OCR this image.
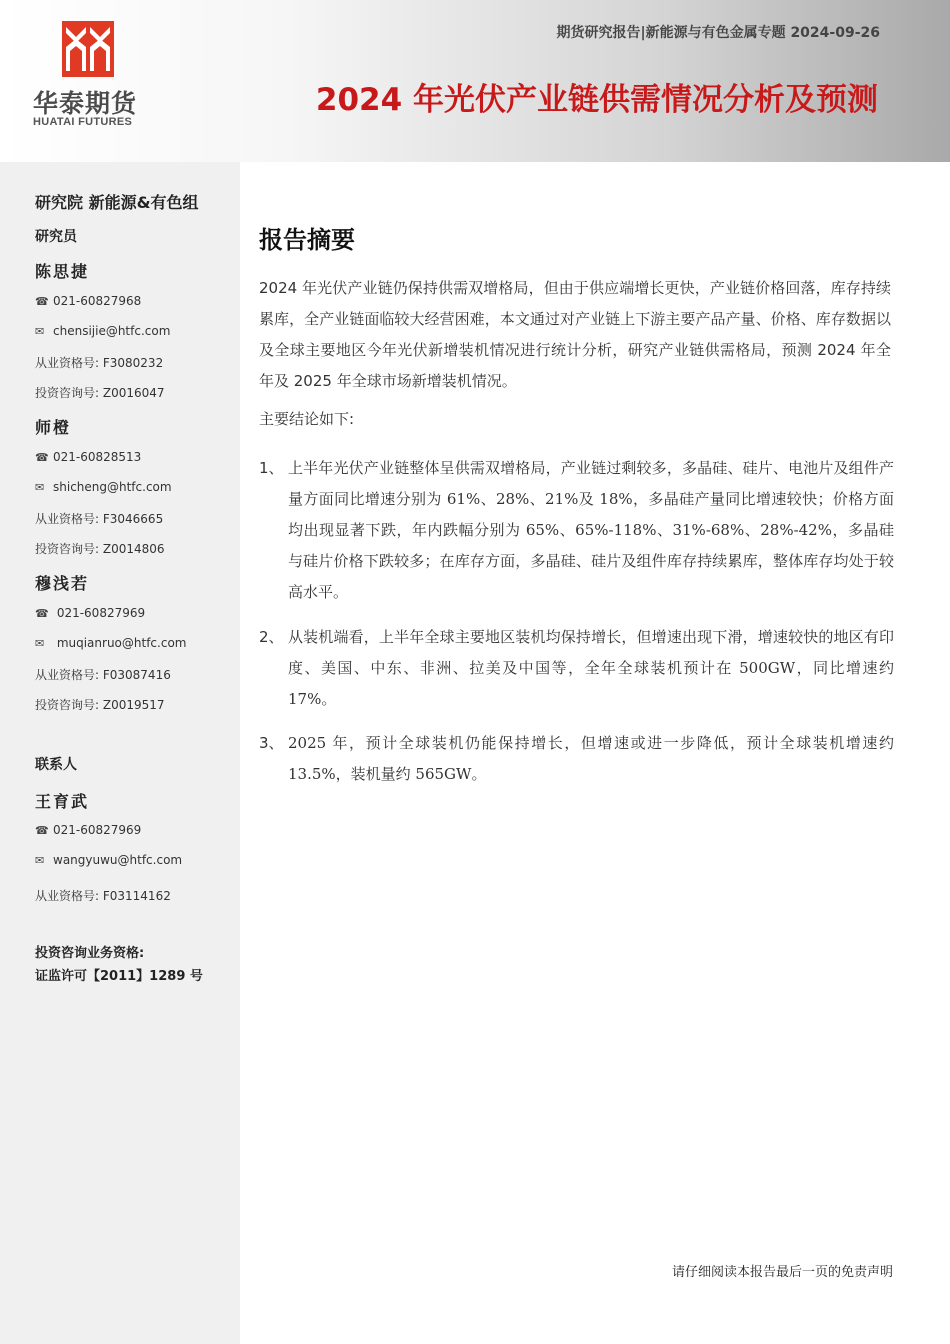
华泰期货
HUATAI FUTURES
期货研究报告|新能源与有色金属专题 2024-09-26
2024 年光伏产业链供需情况分析及预测
研究院 新能源&有色组
研究员
陈思捷
☎ 021-60827968
✉ chensijie@htfc.com
从业资格号: F3080232
投资咨询号: Z0016047
师橙
☎ 021-60828513
✉ shicheng@htfc.com
从业资格号: F3046665
投资咨询号: Z0014806
穆浅若
☎ 021-60827969
✉ muqianruo@htfc.com
从业资格号: F03087416
投资咨询号: Z0019517
联系人
王育武
☎ 021-60827969
✉ wangyuwu@htfc.com
从业资格号: F03114162
投资咨询业务资格:
证监许可【2011】1289 号
报告摘要
2024 年光伏产业链仍保持供需双增格局，但由于供应端增长更快，产业链价格回落，库存持续累库，全产业链面临较大经营困难，本文通过对产业链上下游主要产品产量、价格、库存数据以及全球主要地区今年光伏新增装机情况进行统计分析，研究产业链供需格局，预测 2024 年全年及 2025 年全球市场新增装机情况。
主要结论如下:
1、 上半年光伏产业链整体呈供需双增格局，产业链过剩较多，多晶硅、硅片、电池片及组件产量方面同比增速分别为 61%、28%、21%及 18%，多晶硅产量同比增速较快；价格方面均出现显著下跌，年内跌幅分别为 65%、65%-118%、31%-68%、28%-42%，多晶硅与硅片价格下跌较多；在库存方面，多晶硅、硅片及组件库存持续累库，整体库存均处于较高水平。
2、 从装机端看，上半年全球主要地区装机均保持增长，但增速出现下滑，增速较快的地区有印度、美国、中东、非洲、拉美及中国等，全年全球装机预计在 500GW，同比增速约 17%。
3、 2025 年，预计全球装机仍能保持增长，但增速或进一步降低，预计全球装机增速约 13.5%，装机量约 565GW。
请仔细阅读本报告最后一页的免责声明
